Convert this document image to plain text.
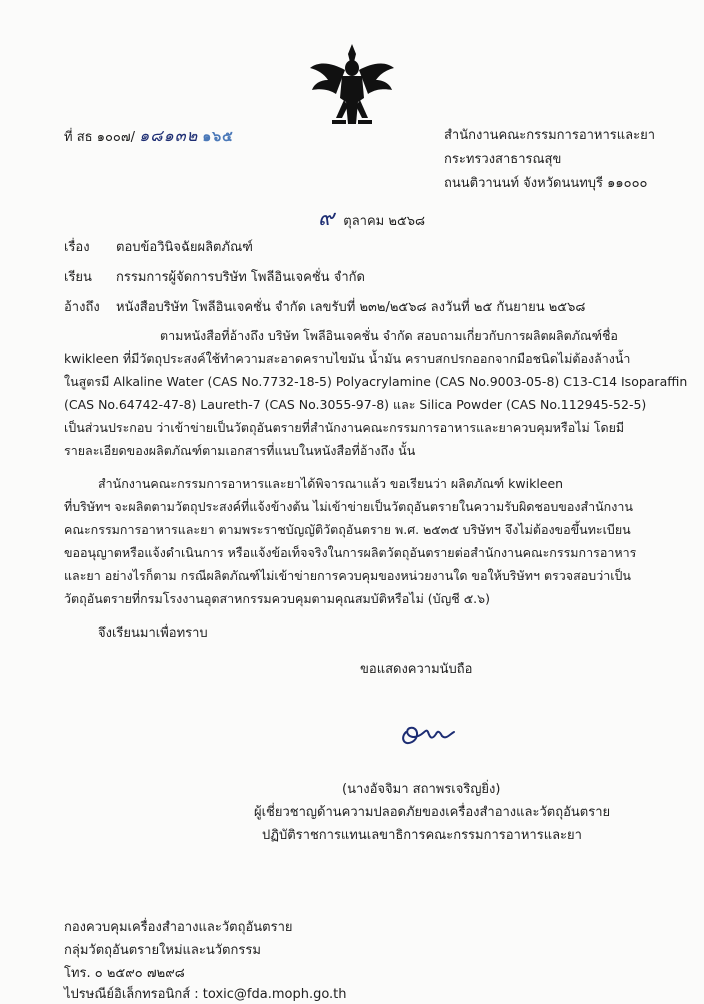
ที่ สธ ๑๐๐๗/ ๑๘๑๓๒ ๑๖๕	สำนักงานคณะกรรมการอาหารและยา
กระทรวงสาธารณสุข
ถนนติวานนท์ จังหวัดนนทบุรี ๑๑๐๐๐
๙ ตุลาคม ๒๕๖๘
เรื่อง ตอบข้อวินิจฉัยผลิตภัณฑ์
เรียน กรรมการผู้จัดการบริษัท โพลีอินเจคชั่น จำกัด
อ้างถึง หนังสือบริษัท โพลีอินเจคชั่น จำกัด เลขรับที่ ๒๓๒/๒๕๖๘ ลงวันที่ ๒๕ กันยายน ๒๕๖๘
ตามหนังสือที่อ้างถึง บริษัท โพลีอินเจคชั่น จำกัด สอบถามเกี่ยวกับการผลิตผลิตภัณฑ์ชื่อ
kwikleen ที่มีวัตถุประสงค์ใช้ทำความสะอาดคราบไขมัน น้ำมัน คราบสกปรกออกจากมือชนิดไม่ต้องล้างน้ำ
ในสูตรมี Alkaline Water (CAS No.7732-18-5) Polyacrylamine (CAS No.9003-05-8) C13-C14 Isoparaffin
(CAS No.64742-47-8) Laureth-7 (CAS No.3055-97-8) และ Silica Powder (CAS No.112945-52-5)
เป็นส่วนประกอบ ว่าเข้าข่ายเป็นวัตถุอันตรายที่สำนักงานคณะกรรมการอาหารและยาควบคุมหรือไม่ โดยมี
รายละเอียดของผลิตภัณฑ์ตามเอกสารที่แนบในหนังสือที่อ้างถึง นั้น
สำนักงานคณะกรรมการอาหารและยาได้พิจารณาแล้ว ขอเรียนว่า ผลิตภัณฑ์ kwikleen
ที่บริษัทฯ จะผลิตตามวัตถุประสงค์ที่แจ้งข้างต้น ไม่เข้าข่ายเป็นวัตถุอันตรายในความรับผิดชอบของสำนักงาน
คณะกรรมการอาหารและยา ตามพระราชบัญญัติวัตถุอันตราย พ.ศ. ๒๕๓๕ บริษัทฯ จึงไม่ต้องขอขึ้นทะเบียน
ขออนุญาตหรือแจ้งดำเนินการ หรือแจ้งข้อเท็จจริงในการผลิตวัตถุอันตรายต่อสำนักงานคณะกรรมการอาหาร
และยา อย่างไรก็ตาม กรณีผลิตภัณฑ์ไม่เข้าข่ายการควบคุมของหน่วยงานใด ขอให้บริษัทฯ ตรวจสอบว่าเป็น
วัตถุอันตรายที่กรมโรงงานอุตสาหกรรมควบคุมตามคุณสมบัติหรือไม่ (บัญชี ๕.๖)
จึงเรียนมาเพื่อทราบ
ขอแสดงความนับถือ
(นางอัจจิมา สถาพรเจริญยิ่ง)
ผู้เชี่ยวชาญด้านความปลอดภัยของเครื่องสำอางและวัตถุอันตราย
ปฏิบัติราชการแทนเลขาธิการคณะกรรมการอาหารและยา
กองควบคุมเครื่องสำอางและวัตถุอันตราย
กลุ่มวัตถุอันตรายใหม่และนวัตกรรม
โทร. ๐ ๒๕๙๐ ๗๒๙๘
ไปรษณีย์อิเล็กทรอนิกส์ : toxic@fda.moph.go.th
